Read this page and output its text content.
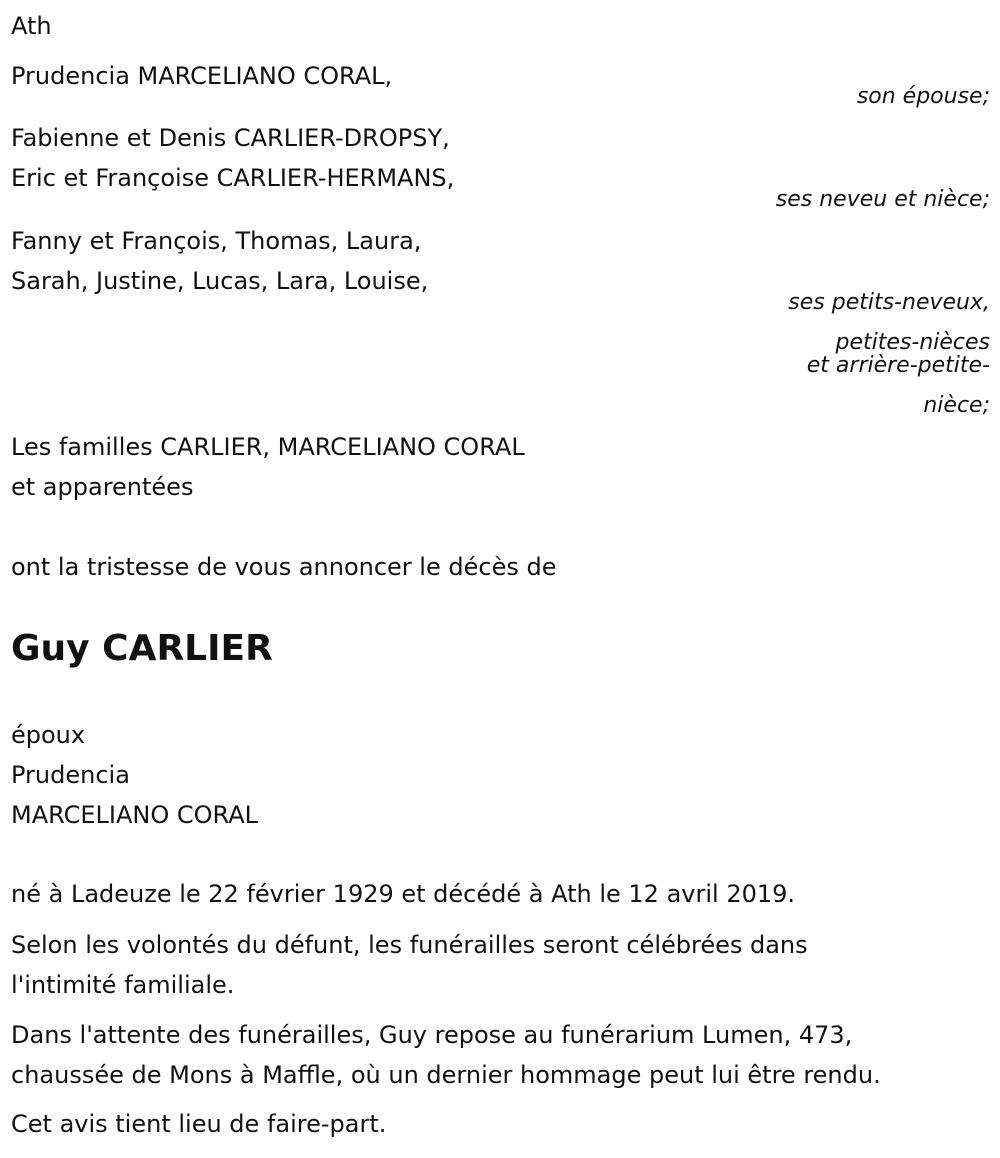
Ath

Prudencia MARCELIANO CORAL,

son épouse;

Fabienne et Denis CARLIER-DROPSY,

Eric et Françoise CARLIER-HERMANS,

ses neveu et nièce;

Fanny et François, Thomas, Laura,

Sarah, Justine, Lucas, Lara, Louise,

ses petits-neveux,

petites-nièces

et arrière-petite-

nièce;

Les familles CARLIER, MARCELIANO CORAL

et apparentées

ont la tristesse de vous annoncer le décès de

Guy CARLIER

époux

Prudencia

MARCELIANO CORAL

né à Ladeuze le 22 février 1929 et décédé à Ath le 12 avril 2019.

Selon les volontés du défunt, les funérailles seront célébrées dans

l'intimité familiale.

Dans l'attente des funérailles, Guy repose au funérarium Lumen, 473,

chaussée de Mons à Maffle, où un dernier hommage peut lui être rendu.

Cet avis tient lieu de faire-part.
